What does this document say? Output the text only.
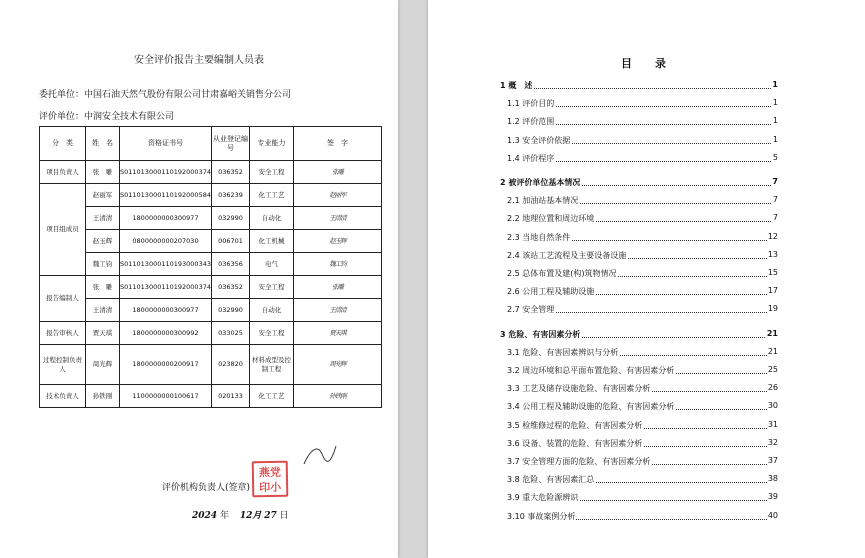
安全评价报告主要编制人员表
委托单位：中国石油天然气股份有限公司甘肃嘉峪关销售分公司
评价单位：中润安全技术有限公司
分　类	姓　名	资格证书号	从业登记编号	专业能力	签　字
项目负责人	张　雕	S011013000110192000374	036352	安全工程	张雕
项目组成员	赵丽军	S011013000110192000584	036239	化工工艺	赵丽军
	王清清	1800000000300977	032990	自动化	王清清
	赵玉辉	0800000000207030	006701	化工机械	赵玉辉
	魏工钧	S011013000110193000343	036356	电气	魏工钧
报告编制人	张　雕	S011013000110192000374	036352	安全工程	张雕
	王清清	1800000000300977	032990	自动化	王清清
报告审核人	贾天琪	1800000000300992	033025	安全工程	贾天琪
过程控制负责人	周光辉	1800000000200917	023820	材料成型及控制工程	周光辉
技术负责人	孙铁刚	1100000000100617	020133	化工工艺	孙铁刚
评价机构负责人(签章)
燕党
印小
2024 年 12月 27 日
目　录
1 概　述	1
1.1 评价目的	1
1.2 评价范围	1
1.3 安全评价依据	1
1.4 评价程序	5
2 被评价单位基本情况	7
2.1 加油站基本情况	7
2.2 地理位置和周边环境	7
2.3 当地自然条件	12
2.4 该站工艺流程及主要设备设施	13
2.5 总体布置及建(构)筑物情况	15
2.6 公用工程及辅助设施	17
2.7 安全管理	19
3 危险、有害因素分析	21
3.1 危险、有害因素辨识与分析	21
3.2 周边环境和总平面布置危险、有害因素分析	25
3.3 工艺及储存设施危险、有害因素分析	26
3.4 公用工程及辅助设施的危险、有害因素分析	30
3.5 检维修过程的危险、有害因素分析	31
3.6 设备、装置的危险、有害因素分析	32
3.7 安全管理方面的危险、有害因素分析	37
3.8 危险、有害因素汇总	38
3.9 重大危险源辨识	39
3.10 事故案例分析	40
